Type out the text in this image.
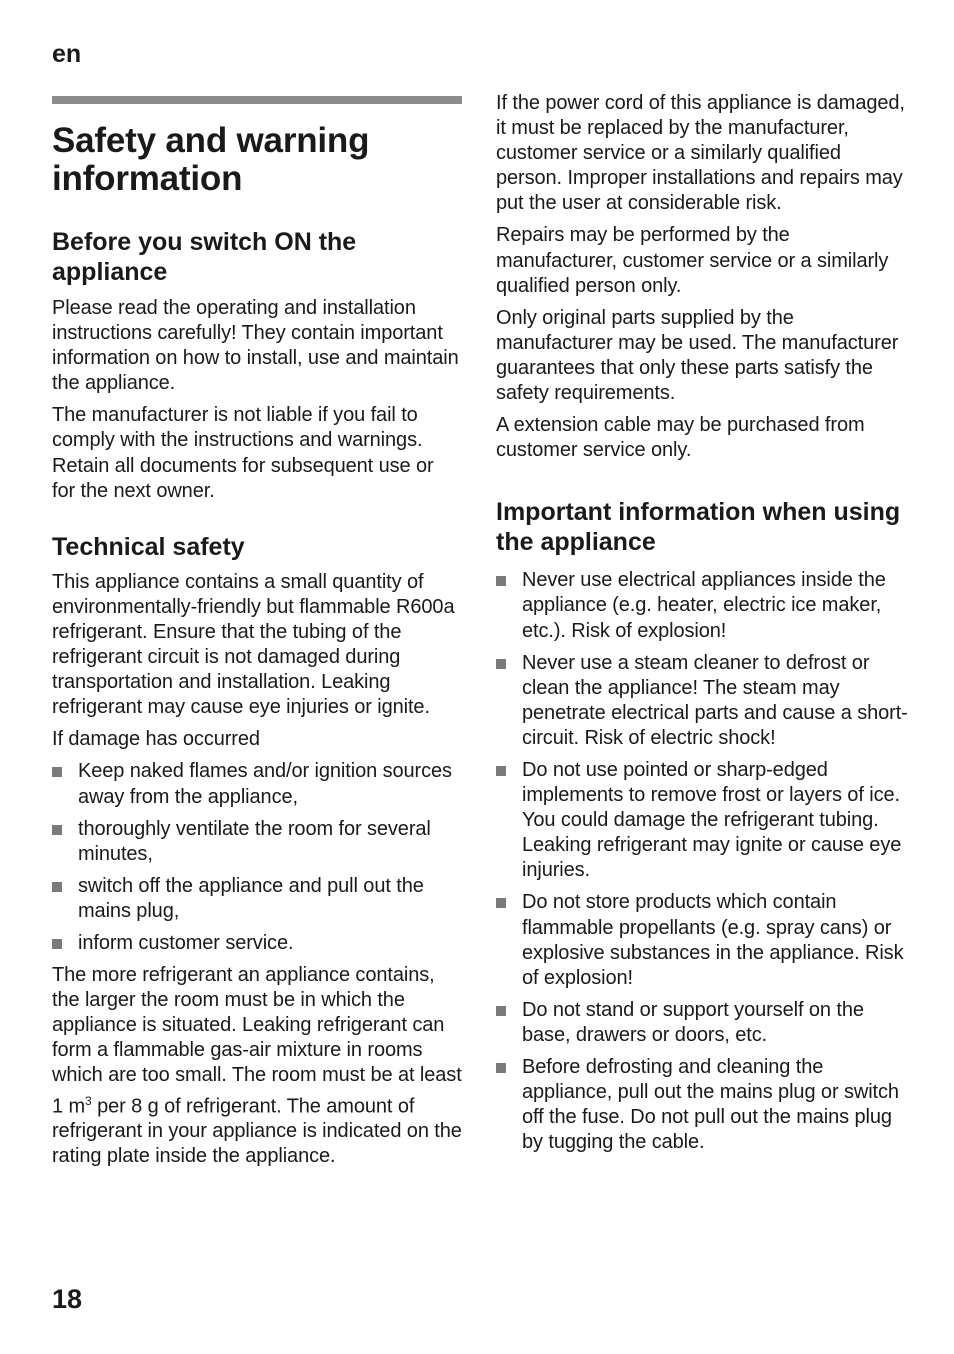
en
Safety and warning information
Before you switch ON the appliance

Please read the operating and installation instructions carefully! They contain important information on how to install, use and maintain the appliance.

The manufacturer is not liable if you fail to comply with the instructions and warnings. Retain all documents for subsequent use or for the next owner.

Technical safety

This appliance contains a small quantity of environmentally-friendly but flammable R600a refrigerant. Ensure that the tubing of the refrigerant circuit is not damaged during transportation and installation. Leaking refrigerant may cause eye injuries or ignite.

If damage has occurred

Keep naked flames and/or ignition sources away from the appliance,
thoroughly ventilate the room for several minutes,
switch off the appliance and pull out the mains plug,
inform customer service.

The more refrigerant an appliance contains, the larger the room must be in which the appliance is situated. Leaking refrigerant can form a flammable gas-air mixture in rooms which are too small. The room must be at least 1 $m^3$ per 8 g of refrigerant. The amount of refrigerant in your appliance is indicated on the rating plate inside the appliance.

If the power cord of this appliance is damaged, it must be replaced by the manufacturer, customer service or a similarly qualified person. Improper installations and repairs may put the user at considerable risk.

Repairs may be performed by the manufacturer, customer service or a similarly qualified person only.

Only original parts supplied by the manufacturer may be used. The manufacturer guarantees that only these parts satisfy the safety requirements.

A extension cable may be purchased from customer service only.

Important information when using the appliance
Never use electrical appliances inside the appliance (e.g. heater, electric ice maker, etc.). Risk of explosion!
Never use a steam cleaner to defrost or clean the appliance! The steam may penetrate electrical parts and cause a short-circuit. Risk of electric shock!
Do not use pointed or sharp-edged implements to remove frost or layers of ice. You could damage the refrigerant tubing. Leaking refrigerant may ignite or cause eye injuries.
Do not store products which contain flammable propellants (e.g. spray cans) or explosive substances in the appliance. Risk of explosion!
Do not stand or support yourself on the base, drawers or doors, etc.
Before defrosting and cleaning the appliance, pull out the mains plug or switch off the fuse. Do not pull out the mains plug by tugging the cable.
18
